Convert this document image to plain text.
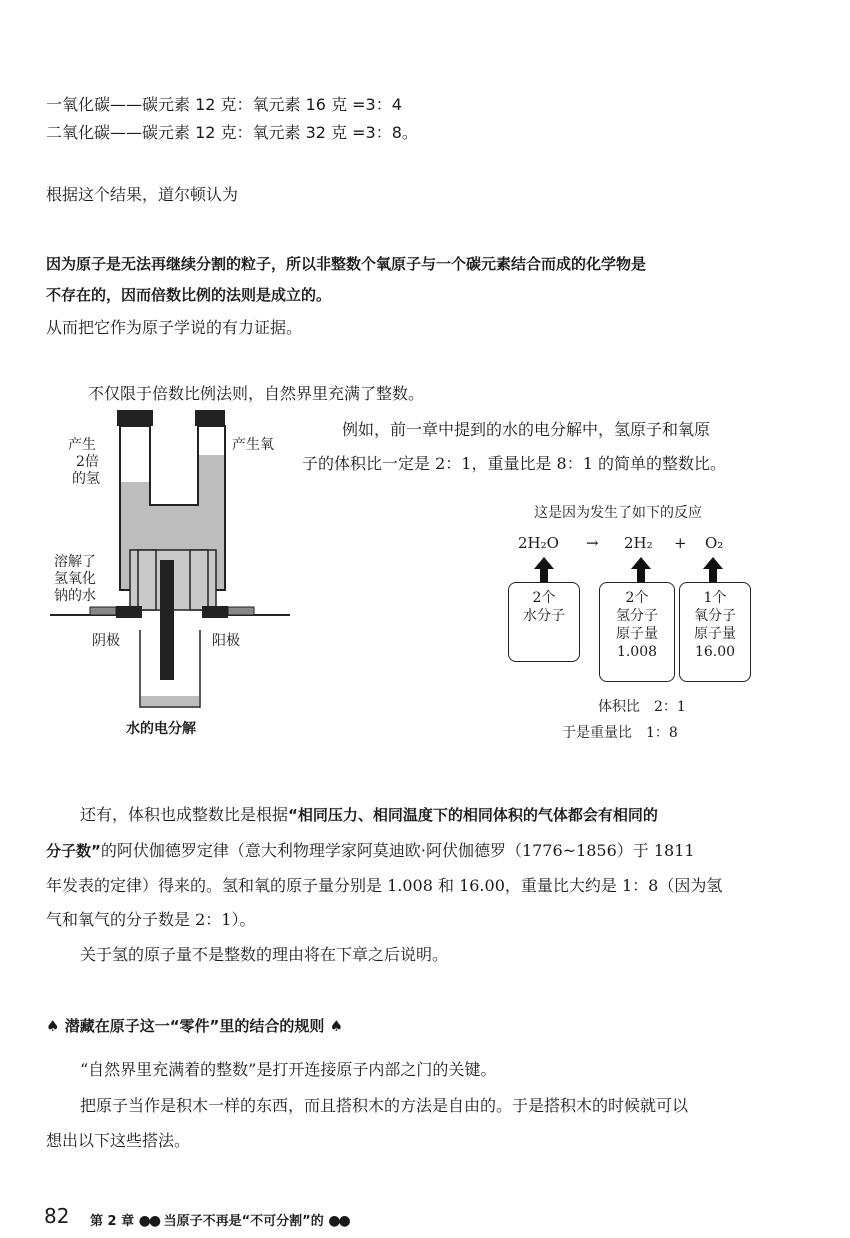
一氧化碳——碳元素 12 克：氧元素 16 克 =3：4
二氧化碳——碳元素 12 克：氧元素 32 克 =3：8。
根据这个结果，道尔顿认为
因为原子是无法再继续分割的粒子，所以非整数个氧原子与一个碳元素结合而成的化学物是
不存在的，因而倍数比例的法则是成立的。
从而把它作为原子学说的有力证据。
不仅限于倍数比例法则，自然界里充满了整数。
例如，前一章中提到的水的电分解中，氢原子和氧原
子的体积比一定是 2：1，重量比是 8：1 的简单的整数比。
产生
2倍
的氢
产生氧
溶解了
氢氧化
钠的水
阴极	阳极
水的电分解
这是因为发生了如下的反应
2H₂O → 2H₂ + O₂
2个
水分子
2个
氢分子
原子量
1.008
1个
氧分子
原子量
16.00
体积比　2：1
于是重量比　1：8
还有，体积也成整数比是根据“相同压力、相同温度下的相同体积的气体都会有相同的
分子数”的阿伏伽德罗定律（意大利物理学家阿莫迪欧·阿伏伽德罗（1776~1856）于 1811
年发表的定律）得来的。氢和氧的原子量分别是 1.008 和 16.00，重量比大约是 1：8（因为氢
气和氧气的分子数是 2：1）。
关于氢的原子量不是整数的理由将在下章之后说明。
♠ 潜藏在原子这一“零件”里的结合的规则 ♠
“自然界里充满着的整数”是打开连接原子内部之门的关键。
把原子当作是积木一样的东西，而且搭积木的方法是自由的。于是搭积木的时候就可以
想出以下这些搭法。
82 第 2 章 ●● 当原子不再是“不可分割”的 ●●
